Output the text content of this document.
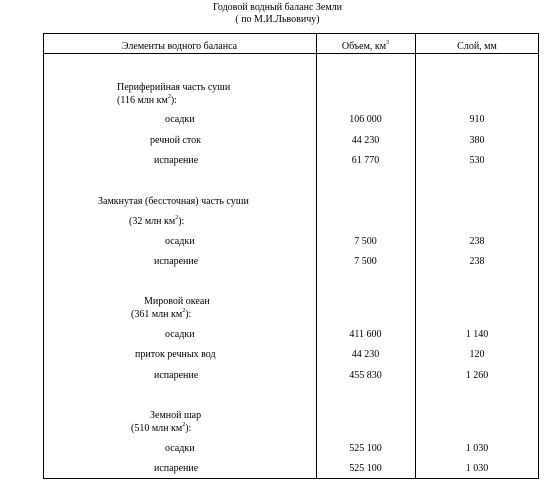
Годовой водный баланс Земли
( по М.И.Львовичу)
Элементы водного баланса	Объем, $км^3$	Слой, мм
Периферийная часть суши
(116 млн $км^2$):
осадки	106 000	910
речной сток	44 230	380
испарение	61 770	530
Замкнутая (бессточная) часть суши
(32 млн $км^2$):
осадки	7 500	238
испарение	7 500	238
Мировой океан
(361 млн $км^2$):
осадки	411 600	1 140
приток речных вод	44 230	120
испарение	455 830	1 260
Земной шар
(510 млн $км^2$):
осадки	525 100	1 030
испарение	525 100	1 030
